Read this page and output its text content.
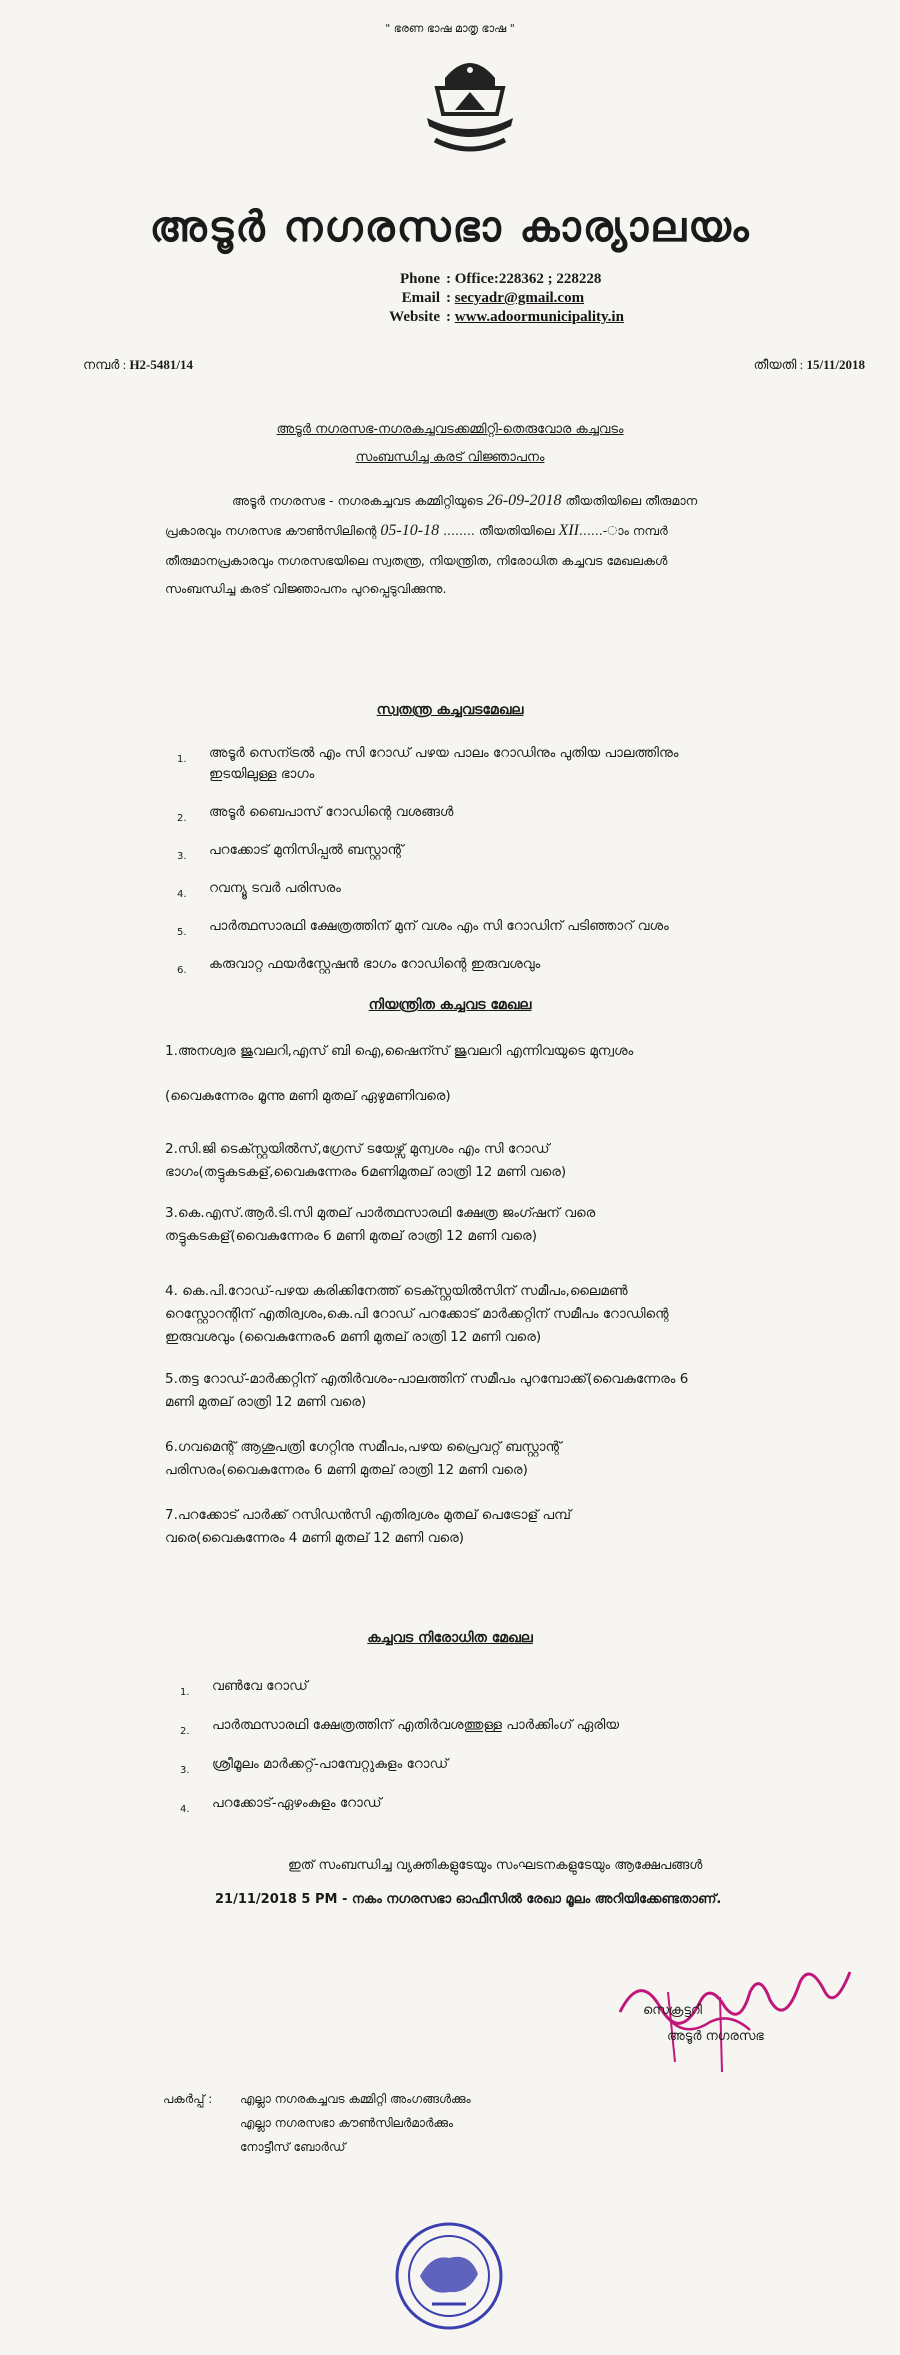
" ഭരണ ഭാഷ മാതൃ ഭാഷ "
അടൂർ നഗരസഭാ കാര്യാലയം
Phone : Office:228362 ; 228228
Email : secyadr@gmail.com
Website : www.adoormunicipality.in
നമ്പർ : H2-5481/14	തീയതി : 15/11/2018
അടൂർ നഗരസഭ-നഗരകച്ചവടക്കമ്മിറ്റി-തെരുവോര കച്ചവടം
സംബന്ധിച്ച കരട് വിജ്ഞാപനം
അടൂർ നഗരസഭ - നഗരകച്ചവട കമ്മിറ്റിയുടെ 26-09-2018 തീയതിയിലെ തീരുമാന
പ്രകാരവും നഗരസഭ കൗൺസിലിന്റെ 05-10-18 ........ തീയതിയിലെ XII......-ാം നമ്പർ
തീരുമാനപ്രകാരവും നഗരസഭയിലെ സ്വതന്ത്ര, നിയന്ത്രിത, നിരോധിത കച്ചവട മേഖലകൾ
സംബന്ധിച്ച കരട് വിജ്ഞാപനം പുറപ്പെടുവിക്കുന്നു.
സ്വതന്ത്ര കച്ചവടമേഖല
1. അടൂർ സെന്ട്രൽ എം സി റോഡ് പഴയ പാലം റോഡിനും പുതിയ പാലത്തിനും
ഇടയിലുള്ള ഭാഗം
2. അടൂർ ബൈപാസ് റോഡിന്റെ വശങ്ങൾ
3. പറക്കോട് മുനിസിപ്പൽ ബസ്റ്റാന്റ്
4. റവന്യൂ ടവർ പരിസരം
5. പാർത്ഥസാരഥി ക്ഷേത്രത്തിന് മുന് വശം എം സി റോഡിന് പടിഞ്ഞാറ് വശം
6. കരുവാറ്റ ഫയർസ്റ്റേഷൻ ഭാഗം റോഡിന്റെ ഇരുവശവും
നിയന്ത്രിത കച്ചവട മേഖല
1.അനശ്വര ജുവലറി,എസ് ബി ഐ,ഷൈന്സ് ജുവലറി എന്നിവയുടെ മുന്വശം
(വൈകുന്നേരം മൂന്നു മണി മുതല് ഏഴുമണിവരെ)
2.സി.ജി ടെക്സ്റ്റയിൽസ്,ഗ്രേസ് ടയേഴ്സ് മുന്വശം എം സി റോഡ്
ഭാഗം(തട്ടുകടകള്,വൈകുന്നേരം 6മണിമുതല് രാത്രി 12 മണി വരെ)
3.കെ.എസ്.ആർ.ടി.സി മുതല് പാർത്ഥസാരഥി ക്ഷേത്ര ജംഗ്ഷന് വരെ
തട്ടുകടകള്(വൈകുന്നേരം 6 മണി മുതല് രാത്രി 12 മണി വരെ)
4. കെ.പി.റോഡ്-പഴയ കരിക്കിനേത്ത് ടെക്സ്റ്റയിൽസിന് സമീപം,ലൈമൺ
റെസ്റ്റോറന്റിന് എതിര്വശം,കെ.പി റോഡ് പറക്കോട് മാർക്കറ്റിന് സമീപം റോഡിന്റെ
ഇരുവശവും (വൈകുന്നേരം6 മണി മുതല് രാത്രി 12 മണി വരെ)
5.തട്ട റോഡ്-മാർക്കറ്റിന് എതിർവശം-പാലത്തിന് സമീപം പുറമ്പോക്ക്(വൈകുന്നേരം 6
മണി മുതല് രാത്രി 12 മണി വരെ)
6.ഗവമെന്റ് ആശുപത്രി ഗേറ്റിനു സമീപം,പഴയ പ്രൈവറ്റ് ബസ്റ്റാന്റ്
പരിസരം(വൈകുന്നേരം 6 മണി മുതല് രാത്രി 12 മണി വരെ)
7.പറക്കോട് പാർക്ക് റസിഡൻസി എതിര്വശം മുതല് പെട്രോള് പമ്പ്
വരെ(വൈകുന്നേരം 4 മണി മുതല് 12 മണി വരെ)
കച്ചവട നിരോധിത മേഖല
1. വൺവേ റോഡ്
2. പാർത്ഥസാരഥി ക്ഷേത്രത്തിന് എതിർവശത്തുള്ള പാർക്കിംഗ് ഏരിയ
3. ശ്രീമൂലം മാർക്കറ്റ്-പാമ്പേറ്റുകുളം റോഡ്
4. പറക്കോട്-ഏഴംകുളം റോഡ്
ഇത് സംബന്ധിച്ച വ്യക്തികളുടേയും സംഘടനകളുടേയും ആക്ഷേപങ്ങൾ
21/11/2018 5 PM - നകം നഗരസഭാ ഓഫീസിൽ രേഖാ മൂലം അറിയിക്കേണ്ടതാണ്.
സെക്രട്ടറി
അടൂർ നഗരസഭ
പകർപ്പ് : എല്ലാ നഗരകച്ചവട കമ്മിറ്റി അംഗങ്ങൾക്കും
എല്ലാ നഗരസഭാ കൗൺസിലർമാർക്കും
നോട്ടീസ് ബോർഡ്
